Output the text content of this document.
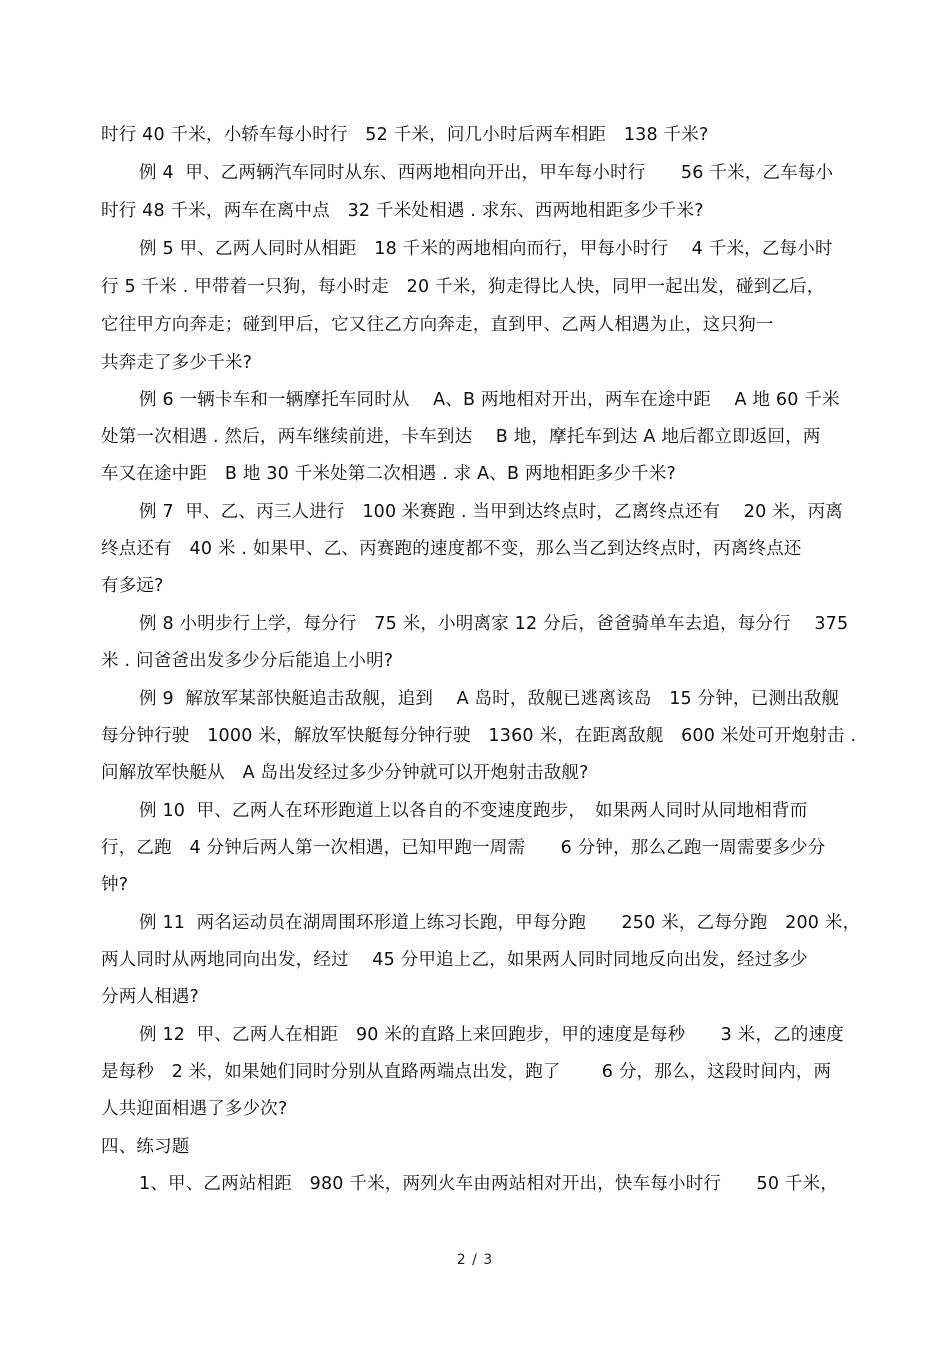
时行 40 千米，小轿车每小时行　52 千米，问几小时后两车相距　138 千米?
例 4  甲、乙两辆汽车同时从东、西两地相向开出，甲车每小时行　　56 千米，乙车每小
时行 48 千米，两车在离中点　32 千米处相遇 . 求东、西两地相距多少千米?
例 5 甲、乙两人同时从相距　18 千米的两地相向而行，甲每小时行　 4 千米，乙每小时
行 5 千米 . 甲带着一只狗，每小时走　20 千米，狗走得比人快，同甲一起出发，碰到乙后，
它往甲方向奔走；碰到甲后，它又往乙方向奔走，直到甲、乙两人相遇为止，这只狗一
共奔走了多少千米?
例 6 一辆卡车和一辆摩托车同时从　 A、B 两地相对开出，两车在途中距　 A 地 60 千米
处第一次相遇 . 然后，两车继续前进，卡车到达　 B 地，摩托车到达 A 地后都立即返回，两
车又在途中距　B 地 30 千米处第二次相遇 . 求 A、B 两地相距多少千米?
例 7  甲、乙、丙三人进行　100 米赛跑 . 当甲到达终点时，乙离终点还有　 20 米，丙离
终点还有　40 米 . 如果甲、乙、丙赛跑的速度都不变，那么当乙到达终点时，丙离终点还
有多远?
例 8 小明步行上学，每分行　75 米，小明离家 12 分后，爸爸骑单车去追，每分行　 375
米 . 问爸爸出发多少分后能追上小明?
例 9  解放军某部快艇追击敌舰，追到　 A 岛时，敌舰已逃离该岛　15 分钟，已测出敌舰
每分钟行驶　1000 米，解放军快艇每分钟行驶　1360 米，在距离敌舰　600 米处可开炮射击 .
问解放军快艇从　A 岛出发经过多少分钟就可以开炮射击敌舰?
例 10  甲、乙两人在环形跑道上以各自的不变速度跑步，　如果两人同时从同地相背而
行，乙跑　4 分钟后两人第一次相遇，已知甲跑一周需　　6 分钟，那么乙跑一周需要多少分
钟?
例 11  两名运动员在湖周围环形道上练习长跑，甲每分跑　　250 米，乙每分跑　200 米，
两人同时从两地同向出发，经过　 45 分甲追上乙，如果两人同时同地反向出发，经过多少
分两人相遇?
例 12  甲、乙两人在相距　90 米的直路上来回跑步，甲的速度是每秒　　3 米，乙的速度
是每秒　2 米，如果她们同时分别从直路两端点出发，跑了　　 6 分，那么，这段时间内，两
人共迎面相遇了多少次?
四、练习题
1、甲、乙两站相距　980 千米，两列火车由两站相对开出，快车每小时行　　50 千米，
2 / 3
